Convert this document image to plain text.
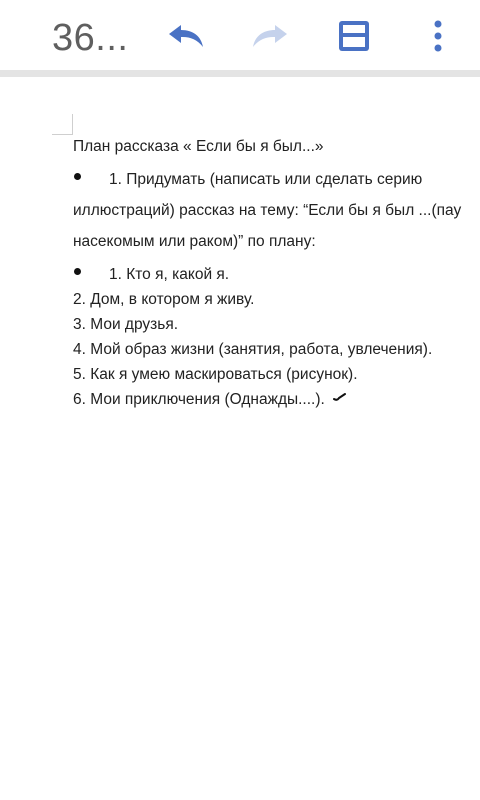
36...
План рассказа « Если бы я был...»
1. Придумать (написать или сделать серию
иллюстраций) рассказ на тему: “Если бы я был ...(пау
насекомым или раком)” по плану:
1. Кто я, какой я.
2. Дом, в котором я живу.
3. Мои друзья.
4. Мой образ жизни (занятия, работа, увлечения).
5. Как я умею маскироваться (рисунок).
6. Мои приключения (Однажды....).
